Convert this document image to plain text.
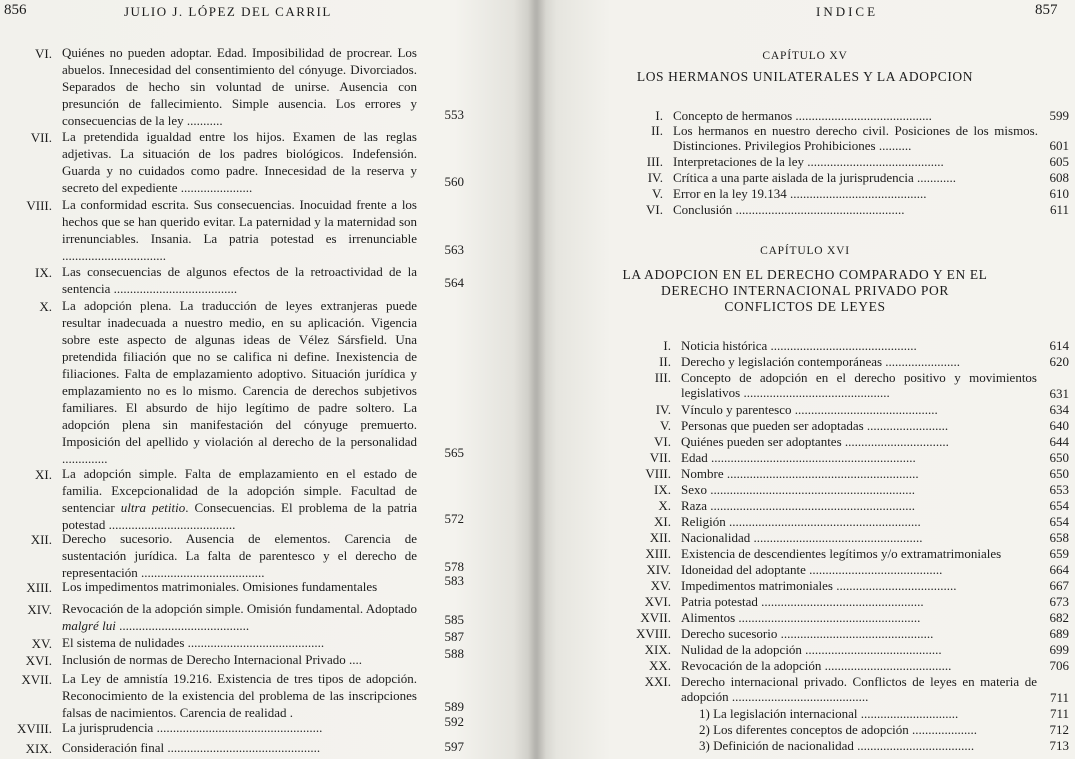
856	JULIO J. LÓPEZ DEL CARRIL
VI. Quiénes no pueden adoptar. Edad. Imposibilidad de procrear. Los abuelos. Innecesidad del consentimiento del cónyuge. Divorciados. Separados de hecho sin voluntad de unirse. Ausencia con presunción de fallecimiento. Simple ausencia. Los errores y consecuencias de la ley ...........	553
VII. La pretendida igualdad entre los hijos. Examen de las reglas adjetivas. La situación de los padres biológicos. Indefensión. Guarda y no cuidados como padre. Innecesidad de la reserva y secreto del expediente ......................	560
VIII. La conformidad escrita. Sus consecuencias. Inocuidad frente a los hechos que se han querido evitar. La paternidad y la maternidad son irrenunciables. Insania. La patria potestad es irrenunciable ................................	563
IX. Las consecuencias de algunos efectos de la retroactividad de la sentencia ......................................	564
X. La adopción plena. La traducción de leyes extranjeras puede resultar inadecuada a nuestro medio, en su aplicación. Vigencia sobre este aspecto de algunas ideas de Vélez Sársfield. Una pretendida filiación que no se califica ni define. Inexistencia de filiaciones. Falta de emplazamiento adoptivo. Situación jurídica y emplazamiento no es lo mismo. Carencia de derechos subjetivos familiares. El absurdo de hijo legítimo de padre soltero. La adopción plena sin manifestación del cónyuge premuerto. Imposición del apellido y violación al derecho de la personalidad ..............	565
XI. La adopción simple. Falta de emplazamiento en el estado de familia. Excepcionalidad de la adopción simple. Facultad de sentenciar ultra petitio. Consecuencias. El problema de la patria potestad .......................................	572
XII. Derecho sucesorio. Ausencia de elementos. Carencia de sustentación jurídica. La falta de parentesco y el derecho de representación ......................................	578
XIII. Los impedimentos matrimoniales. Omisiones fundamentales	583
XIV. Revocación de la adopción simple. Omisión fundamental. Adoptado malgré lui ........................................	585
XV. El sistema de nulidades ..........................................	587
XVI. Inclusión de normas de Derecho Internacional Privado ....	588
XVII. La Ley de amnistía 19.216. Existencia de tres tipos de adopción. Reconocimiento de la existencia del problema de las inscripciones falsas de nacimientos. Carencia de realidad .	589
XVIII. La jurisprudencia ...................................................	592
XIX. Consideración final ...............................................	597
INDICE	857
CAPÍTULO XV
LOS HERMANOS UNILATERALES Y LA ADOPCION
I. Concepto de hermanos ..........................................	599
II. Los hermanos en nuestro derecho civil. Posiciones de los mismos. Distinciones. Privilegios Prohibiciones ..........	601
III. Interpretaciones de la ley ..........................................	605
IV. Crítica a una parte aislada de la jurisprudencia ............	608
V. Error en la ley 19.134 ..........................................	610
VI. Conclusión ....................................................	611
CAPÍTULO XVI
LA ADOPCION EN EL DERECHO COMPARADO Y EN EL
DERECHO INTERNACIONAL PRIVADO POR
CONFLICTOS DE LEYES
I. Noticia histórica .............................................	614
II. Derecho y legislación contemporáneas .......................	620
III. Concepto de adopción en el derecho positivo y movimientos legislativos .............................................	631
IV. Vínculo y parentesco ............................................	634
V. Personas que pueden ser adoptadas .........................	640
VI. Quiénes pueden ser adoptantes ................................	644
VII. Edad ...............................................................	650
VIII. Nombre ...........................................................	650
IX. Sexo ...............................................................	653
X. Raza ...............................................................	654
XI. Religión ...........................................................	654
XII. Nacionalidad ....................................................	658
XIII. Existencia de descendientes legítimos y/o extramatrimoniales	659
XIV. Idoneidad del adoptante .........................................	664
XV. Impedimentos matrimoniales .....................................	667
XVI. Patria potestad ..................................................	673
XVII. Alimentos ........................................................	682
XVIII. Derecho sucesorio ...............................................	689
XIX. Nulidad de la adopción ..........................................	699
XX. Revocación de la adopción .......................................	706
XXI. Derecho internacional privado. Conflictos de leyes en materia de adopción ..........................................	711
1) La legislación internacional ..............................	711
2) Los diferentes conceptos de adopción ....................	712
3) Definición de nacionalidad ....................................	713
